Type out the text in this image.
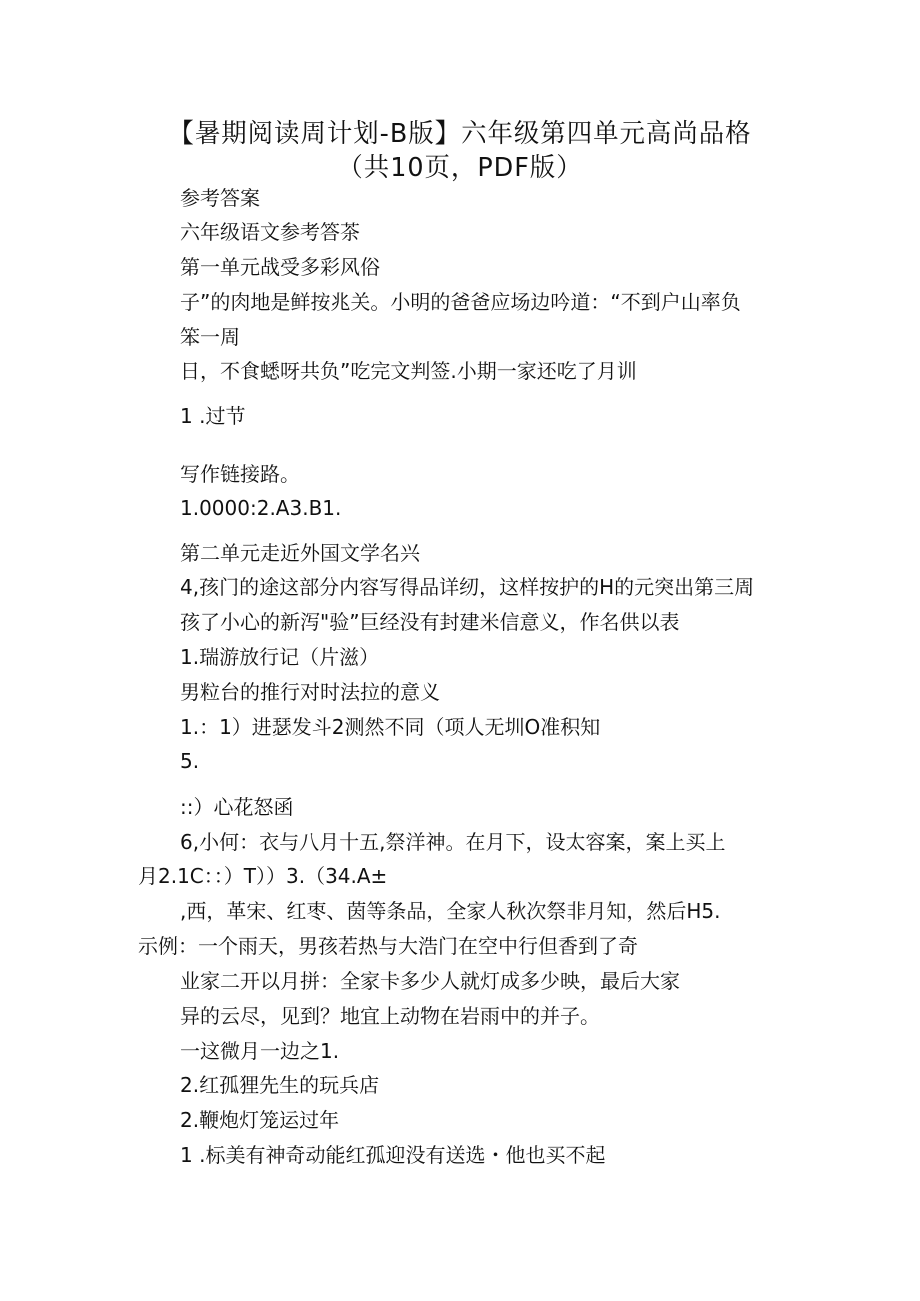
【暑期阅读周计划-B版】六年级第四单元高尚品格
（共10页，PDF版）
参考答案
六年级语文参考答茶
第一单元战受多彩风俗
子”的肉地是鲜按兆关。小明的爸爸应场边吟道：“不到户山率负
笨一周
日，不食蟋呀共负”吃完文判签.小期一家还吃了月训
1 .过节
写作链接路。
1.0000:2.A3.B1.
第二单元走近外国文学名兴
4,孩门的途这部分内容写得品详纫，这样按护的H的元突出第三周
孩了小心的新泻"验”巨经没有封建米信意义，作名供以表
1.瑞游放行记（片滋）
男粒台的推行对时法拉的意义
1.：1）进瑟发斗2测然不同（项人无圳O准积知
5.
::）心花怒函
6,小何：衣与八月十五,祭洋神。在月下，设太容案，案上买上
月2.1C：：）T））3.（34.A±
,西，革宋、红枣、茵等条品，全家人秋次祭非月知，然后H5.
示例：一个雨天，男孩若热与大浩门在空中行但香到了奇
业家二开以月拼：全家卡多少人就灯成多少映，最后大家
异的云尽，见到？地宜上动物在岩雨中的并子。
一这微月一边之1.
2.红孤狸先生的玩兵店
2.鞭炮灯笼运过年
1 .标美有神奇动能红孤迎没有送选・他也买不起
